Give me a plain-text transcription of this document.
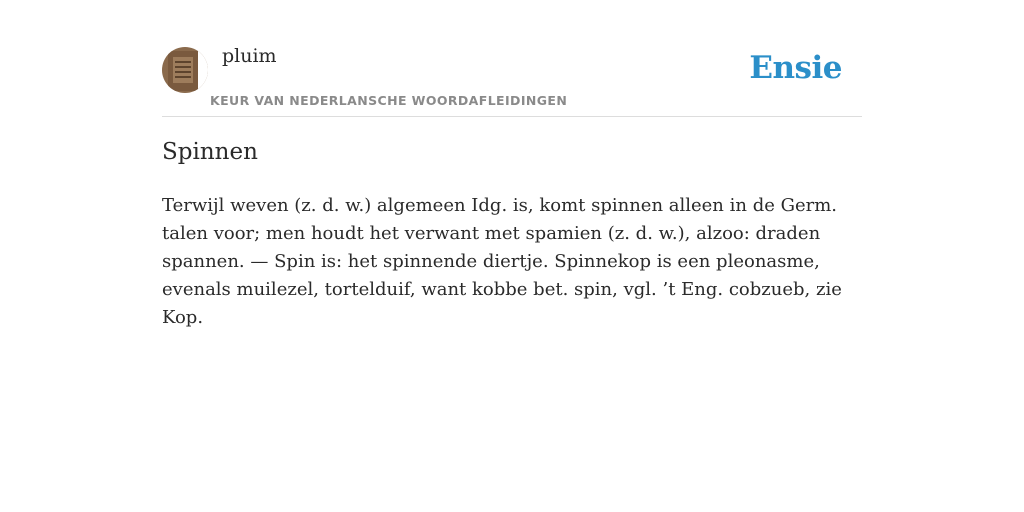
pluim
KEUR VAN NEDERLANSCHE WOORDAFLEIDINGEN
Ensie
Spinnen

Terwijl weven (z. d. w.) algemeen Idg. is, komt spinnen alleen in de Germ. talen voor; men houdt het verwant met spamien (z. d. w.), alzoo: draden spannen. — Spin is: het spinnende diertje. Spinnekop is een pleonasme, evenals muilezel, tortelduif, want kobbe bet. spin, vgl. ’t Eng. cobzueb, zie Kop.
